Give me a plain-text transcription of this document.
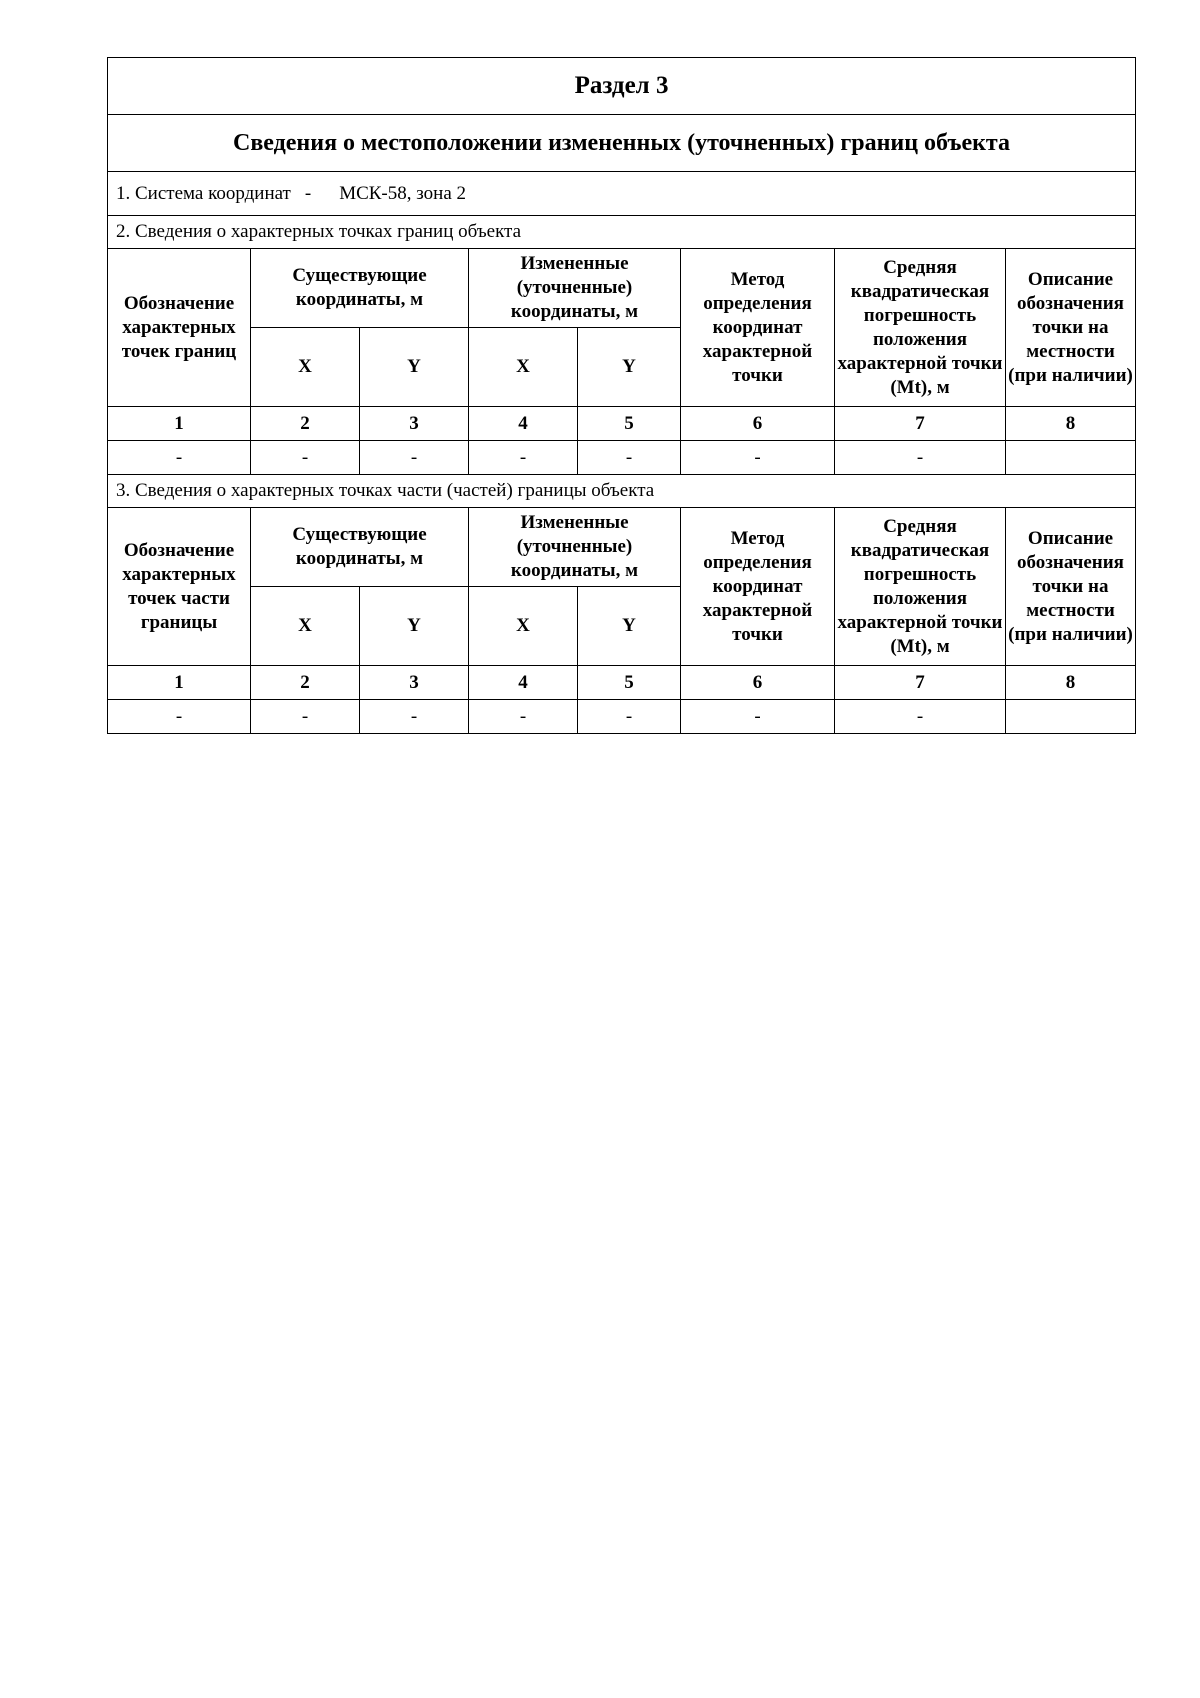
Раздел 3							
Сведения о местоположении измененных (уточненных) границ объекта							
1. Система координат - МСК-58, зона 2							
2. Сведения о характерных точках границ объекта							
Обозначение характерных точек границ	Существующие координаты, м		Измененные (уточненные) координаты, м		Метод определения координат характерной точки	Средняя квадратическая погрешность положения характерной точки (Mt), м	Описание обозначения точки на местности (при наличии)
	X	Y	X	Y			
1	2	3	4	5	6	7	8
-	-	-	-	-	-	-	
3. Сведения о характерных точках части (частей) границы объекта							
Обозначение характерных точек части границы	Существующие координаты, м		Измененные (уточненные) координаты, м		Метод определения координат характерной точки	Средняя квадратическая погрешность положения характерной точки (Mt), м	Описание обозначения точки на местности (при наличии)
	X	Y	X	Y			
1	2	3	4	5	6	7	8
-	-	-	-	-	-	-	
